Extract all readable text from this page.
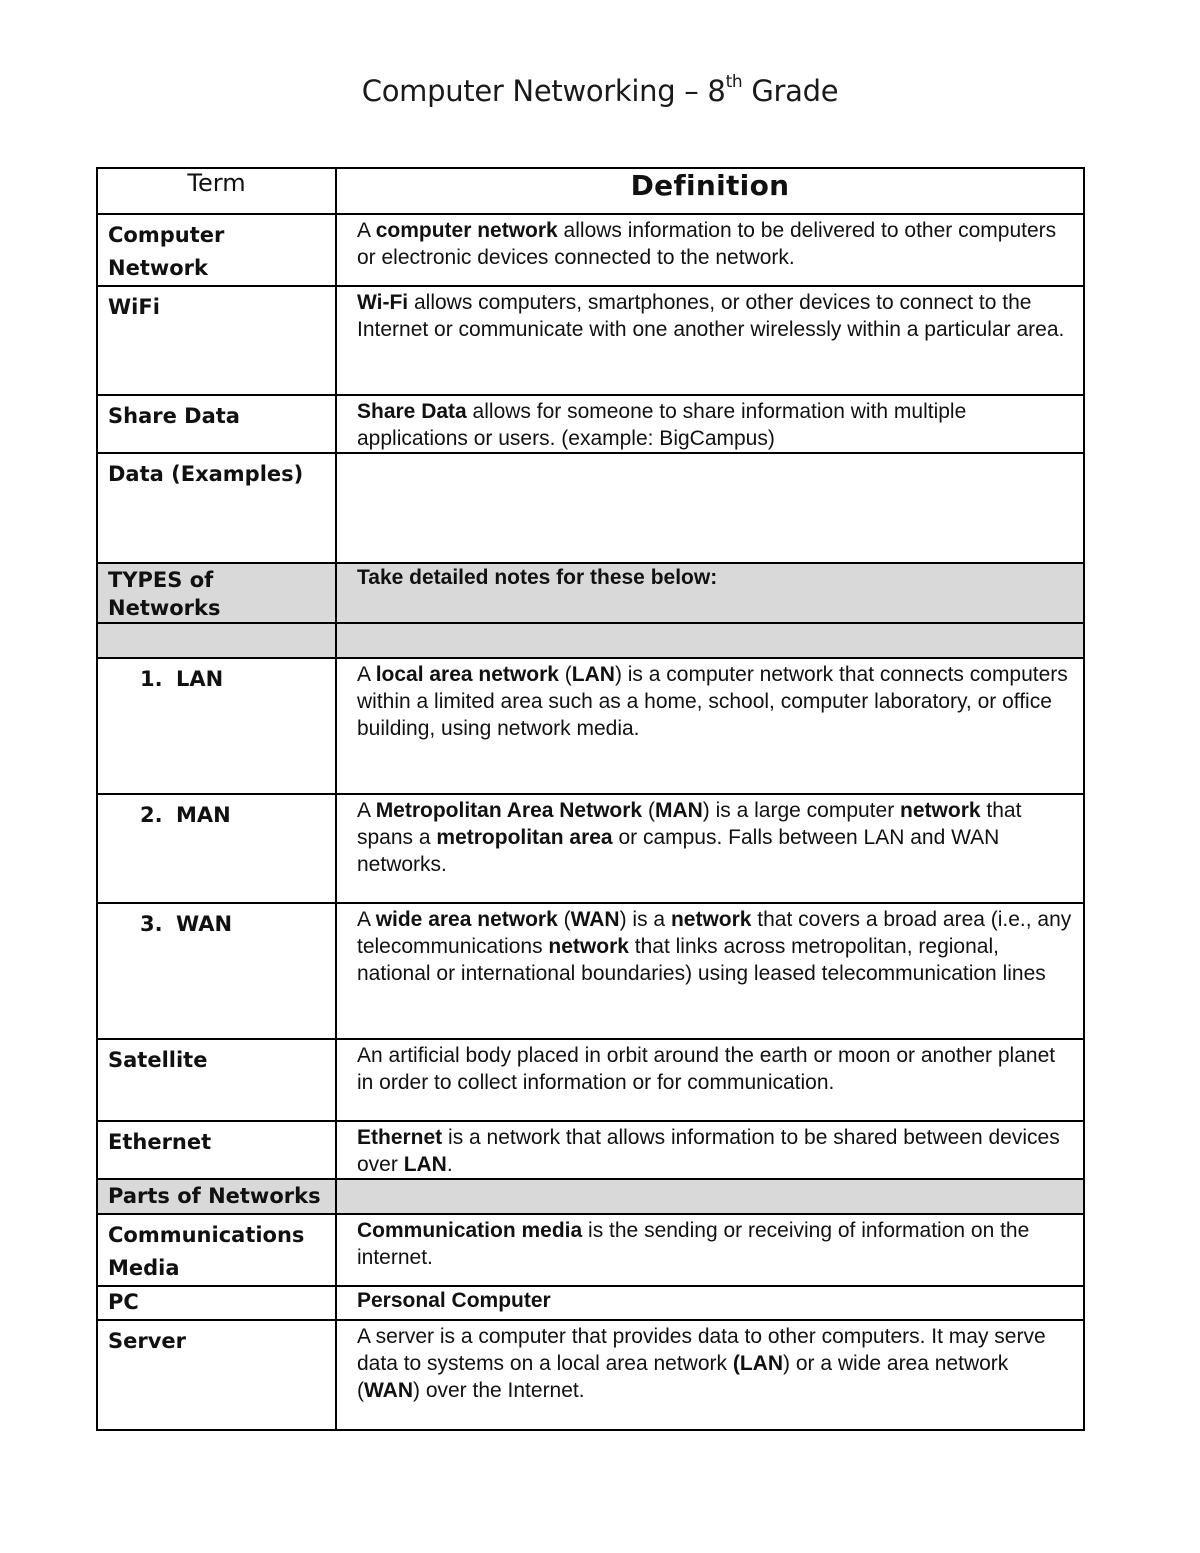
Computer Networking – 8th Grade
Term	Definition
Computer Network	A computer network allows information to be delivered to other computers or electronic devices connected to the network.
WiFi	Wi-Fi allows computers, smartphones, or other devices to connect to the Internet or communicate with one another wirelessly within a particular area.
Share Data	Share Data allows for someone to share information with multiple applications or users. (example: BigCampus)
Data (Examples)	
TYPES of Networks	Take detailed notes for these below:

1. LAN	A local area network (LAN) is a computer network that connects computers within a limited area such as a home, school, computer laboratory, or office building, using network media.
2. MAN	A Metropolitan Area Network (MAN) is a large computer network that spans a metropolitan area or campus. Falls between LAN and WAN networks.
3. WAN	A wide area network (WAN) is a network that covers a broad area (i.e., any telecommunications network that links across metropolitan, regional, national or international boundaries) using leased telecommunication lines
Satellite	An artificial body placed in orbit around the earth or moon or another planet in order to collect information or for communication.
Ethernet	Ethernet is a network that allows information to be shared between devices over LAN.
Parts of Networks	
Communications Media	Communication media is the sending or receiving of information on the internet.
PC	Personal Computer
Server	A server is a computer that provides data to other computers. It may serve data to systems on a local area network (LAN) or a wide area network (WAN) over the Internet.
